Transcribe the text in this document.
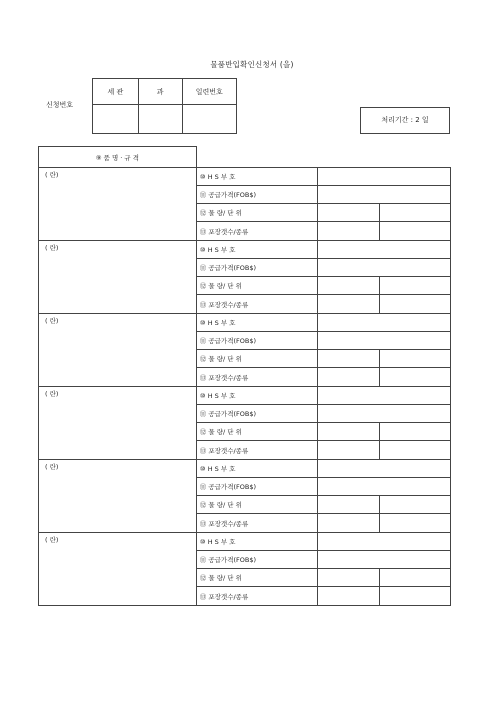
물품반입확인신청서 (을)
신청번호
세 관	과	일련번호

처리기간 : 2 일
⑨ 품 명 · 규 격			
( 란)	⑩ H S 부 호		
	⑪ 공급가격(FOB$)		
	⑫ 물 량/ 단 위		
	⑬ 포장갯수/종류		
( 란)	⑩ H S 부 호		
	⑪ 공급가격(FOB$)		
	⑫ 물 량/ 단 위		
	⑬ 포장갯수/종류		
( 란)	⑩ H S 부 호		
	⑪ 공급가격(FOB$)		
	⑫ 물 량/ 단 위		
	⑬ 포장갯수/종류		
( 란)	⑩ H S 부 호		
	⑪ 공급가격(FOB$)		
	⑫ 물 량/ 단 위		
	⑬ 포장갯수/종류		
( 란)	⑩ H S 부 호		
	⑪ 공급가격(FOB$)		
	⑫ 물 량/ 단 위		
	⑬ 포장갯수/종류		
( 란)	⑩ H S 부 호		
	⑪ 공급가격(FOB$)		
	⑫ 물 량/ 단 위		
	⑬ 포장갯수/종류		
